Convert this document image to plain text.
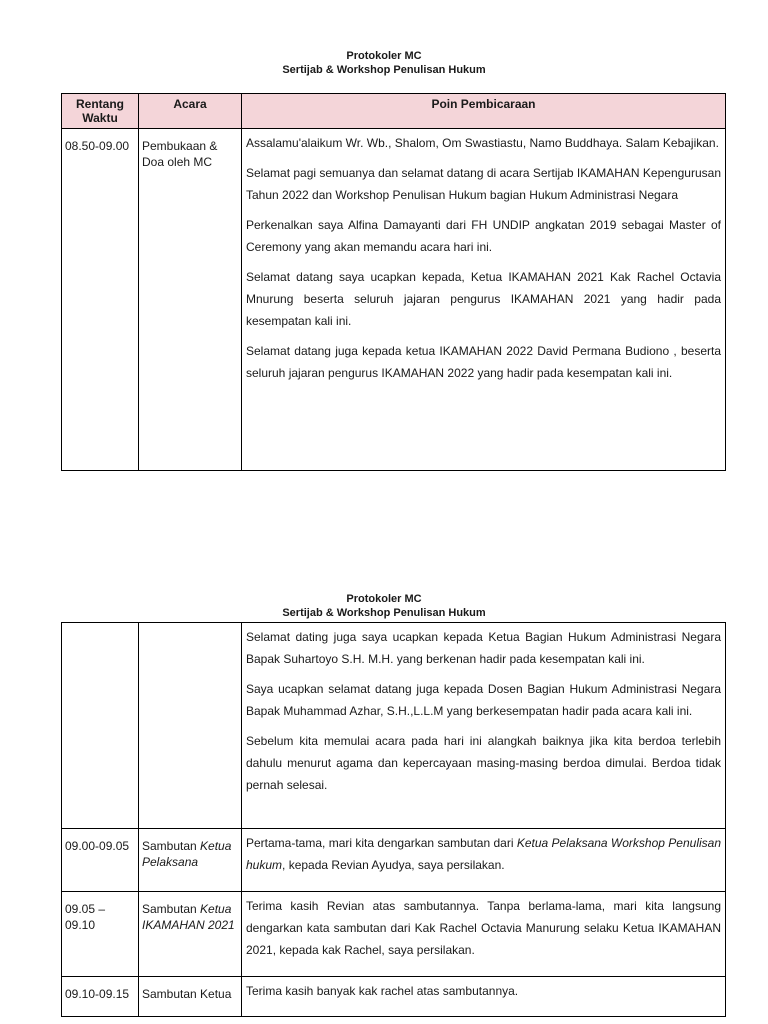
Protokoler MC
Sertijab & Workshop Penulisan Hukum
Rentang Waktu	Acara	Poin Pembicaraan
08.50-09.00	Pembukaan & Doa oleh MC	Assalamu'alaikum Wr. Wb., Shalom, Om Swastiastu, Namo Buddhaya. Salam Kebajikan.

Selamat pagi semuanya dan selamat datang di acara Sertijab IKAMAHAN Kepengurusan Tahun 2022 dan Workshop Penulisan Hukum bagian Hukum Administrasi Negara

Perkenalkan saya Alfina Damayanti dari FH UNDIP angkatan 2019 sebagai Master of Ceremony yang akan memandu acara hari ini.

Selamat datang saya ucapkan kepada, Ketua IKAMAHAN 2021 Kak Rachel Octavia Mnurung beserta seluruh jajaran pengurus IKAMAHAN 2021 yang hadir pada kesempatan kali ini.

Selamat datang juga kepada ketua IKAMAHAN 2022 David Permana Budiono , beserta seluruh jajaran pengurus IKAMAHAN 2022 yang hadir pada kesempatan kali ini.

Protokoler MC
Sertijab & Workshop Penulisan Hukum

		Selamat dating juga saya ucapkan kepada Ketua Bagian Hukum Administrasi Negara Bapak Suhartoyo S.H. M.H. yang berkenan hadir pada kesempatan kali ini.

Saya ucapkan selamat datang juga kepada Dosen Bagian Hukum Administrasi Negara Bapak Muhammad Azhar, S.H.,L.L.M yang berkesempatan hadir pada acara kali ini.

Sebelum kita memulai acara pada hari ini alangkah baiknya jika kita berdoa terlebih dahulu menurut agama dan kepercayaan masing-masing berdoa dimulai. Berdoa tidak pernah selesai.

09.00-09.05	Sambutan Ketua Pelaksana	Pertama-tama, mari kita dengarkan sambutan dari Ketua Pelaksana Workshop Penulisan hukum, kepada Revian Ayudya, saya persilakan.

09.05 – 09.10	Sambutan Ketua IKAMAHAN 2021	Terima kasih Revian atas sambutannya. Tanpa berlama-lama, mari kita langsung dengarkan kata sambutan dari Kak Rachel Octavia Manurung selaku Ketua IKAMAHAN 2021, kepada kak Rachel, saya persilakan.

09.10-09.15	Sambutan Ketua	Terima kasih banyak kak rachel atas sambutannya.
